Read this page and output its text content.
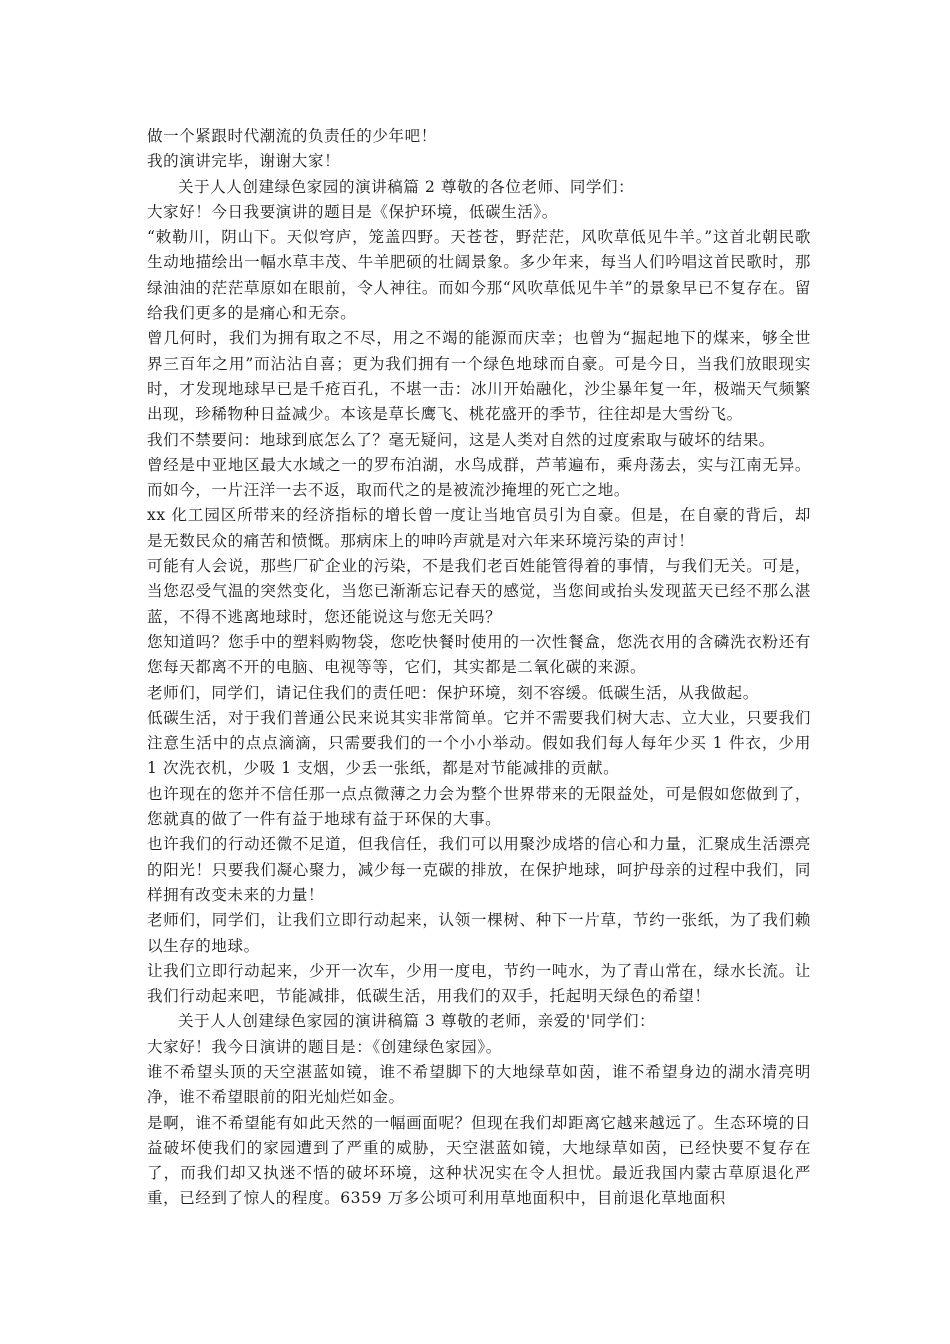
做一个紧跟时代潮流的负责任的少年吧！

我的演讲完毕，谢谢大家！

关于人人创建绿色家园的演讲稿篇 2 尊敬的各位老师、同学们：

大家好！今日我要演讲的题目是《保护环境，低碳生活》。

“敕勒川，阴山下。天似穹庐，笼盖四野。天苍苍，野茫茫，风吹草低见牛羊。”这首北朝民歌生动地描绘出一幅水草丰茂、牛羊肥硕的壮阔景象。多少年来，每当人们吟唱这首民歌时，那绿油油的茫茫草原如在眼前，令人神往。而如今那“风吹草低见牛羊”的景象早已不复存在。留给我们更多的是痛心和无奈。

曾几何时，我们为拥有取之不尽，用之不竭的能源而庆幸；也曾为“掘起地下的煤来，够全世界三百年之用”而沾沾自喜；更为我们拥有一个绿色地球而自豪。可是今日，当我们放眼现实时，才发现地球早已是千疮百孔，不堪一击：冰川开始融化，沙尘暴年复一年，极端天气频繁出现，珍稀物种日益减少。本该是草长鹰飞、桃花盛开的季节，往往却是大雪纷飞。

我们不禁要问：地球到底怎么了？毫无疑问，这是人类对自然的过度索取与破坏的结果。

曾经是中亚地区最大水域之一的罗布泊湖，水鸟成群，芦苇遍布，乘舟荡去，实与江南无异。而如今，一片汪洋一去不返，取而代之的是被流沙掩埋的死亡之地。

xx 化工园区所带来的经济指标的增长曾一度让当地官员引为自豪。但是，在自豪的背后，却是无数民众的痛苦和愤慨。那病床上的呻吟声就是对六年来环境污染的声讨！

可能有人会说，那些厂矿企业的污染，不是我们老百姓能管得着的事情，与我们无关。可是，当您忍受气温的突然变化，当您已渐渐忘记春天的感觉，当您间或抬头发现蓝天已经不那么湛蓝，不得不逃离地球时，您还能说这与您无关吗？

您知道吗？您手中的塑料购物袋，您吃快餐时使用的一次性餐盒，您洗衣用的含磷洗衣粉还有您每天都离不开的电脑、电视等等，它们，其实都是二氧化碳的来源。

老师们，同学们，请记住我们的责任吧：保护环境，刻不容缓。低碳生活，从我做起。

低碳生活，对于我们普通公民来说其实非常简单。它并不需要我们树大志、立大业，只要我们注意生活中的点点滴滴，只需要我们的一个小小举动。假如我们每人每年少买 1 件衣，少用 1 次洗衣机，少吸 1 支烟，少丢一张纸，都是对节能减排的贡献。

也许现在的您并不信任那一点点微薄之力会为整个世界带来的无限益处，可是假如您做到了，您就真的做了一件有益于地球有益于环保的大事。

也许我们的行动还微不足道，但我信任，我们可以用聚沙成塔的信心和力量，汇聚成生活漂亮的阳光！只要我们凝心聚力，减少每一克碳的排放，在保护地球，呵护母亲的过程中我们，同样拥有改变未来的力量！

老师们，同学们，让我们立即行动起来，认领一棵树、种下一片草，节约一张纸，为了我们赖以生存的地球。

让我们立即行动起来，少开一次车，少用一度电，节约一吨水，为了青山常在，绿水长流。让我们行动起来吧，节能减排，低碳生活，用我们的双手，托起明天绿色的希望！

关于人人创建绿色家园的演讲稿篇 3 尊敬的老师，亲爱的'同学们：

大家好！我今日演讲的题目是：《创建绿色家园》。

谁不希望头顶的天空湛蓝如镜，谁不希望脚下的大地绿草如茵，谁不希望身边的湖水清亮明净，谁不希望眼前的阳光灿烂如金。

是啊，谁不希望能有如此天然的一幅画面呢？但现在我们却距离它越来越远了。生态环境的日益破坏使我们的家园遭到了严重的威胁，天空湛蓝如镜，大地绿草如茵，已经快要不复存在了，而我们却又执迷不悟的破坏环境，这种状况实在令人担忧。最近我国内蒙古草原退化严重，已经到了惊人的程度。6359 万多公顷可利用草地面积中，目前退化草地面积
